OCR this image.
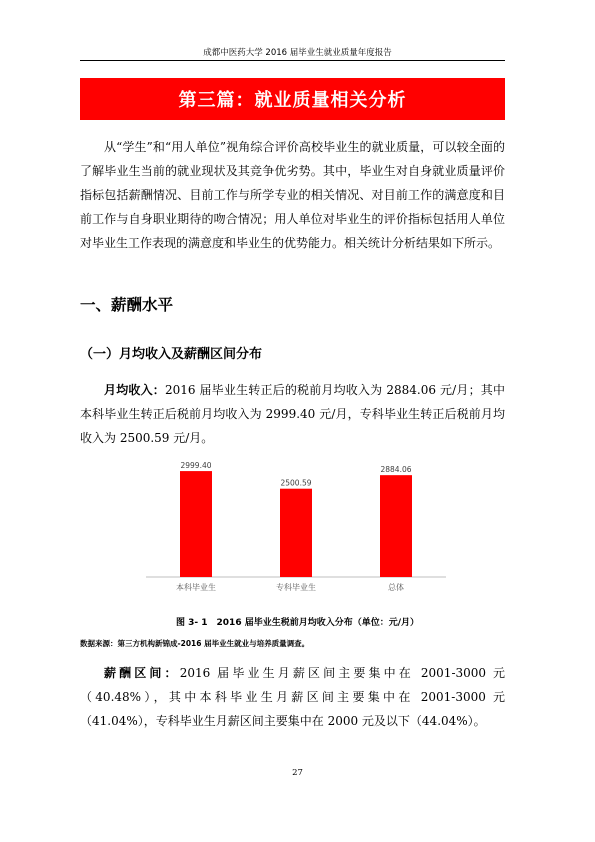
成都中医药大学 2016 届毕业生就业质量年度报告
第三篇：就业质量相关分析
从“学生”和“用人单位”视角综合评价高校毕业生的就业质量，可以较全面的了解毕业生当前的就业现状及其竞争优劣势。其中，毕业生对自身就业质量评价指标包括薪酬情况、目前工作与所学专业的相关情况、对目前工作的满意度和目前工作与自身职业期待的吻合情况；用人单位对毕业生的评价指标包括用人单位对毕业生工作表现的满意度和毕业生的优势能力。相关统计分析结果如下所示。
一、薪酬水平
（一）月均收入及薪酬区间分布
月均收入：2016 届毕业生转正后的税前月均收入为 2884.06 元/月；其中本科毕业生转正后税前月均收入为 2999.40 元/月，专科毕业生转正后税前月均收入为 2500.59 元/月。
2999.40
本科毕业生
2500.59
专科毕业生
2884.06
总体
图 3- 1　2016 届毕业生税前月均收入分布（单位：元/月）
数据来源：第三方机构新锦成-2016 届毕业生就业与培养质量调查。
薪酬区间：2016 届毕业生月薪区间主要集中在 2001-3000 元（40.48%），其中本科毕业生月薪区间主要集中在 2001-3000 元（41.04%），专科毕业生月薪区间主要集中在 2000 元及以下（44.04%）。
27
